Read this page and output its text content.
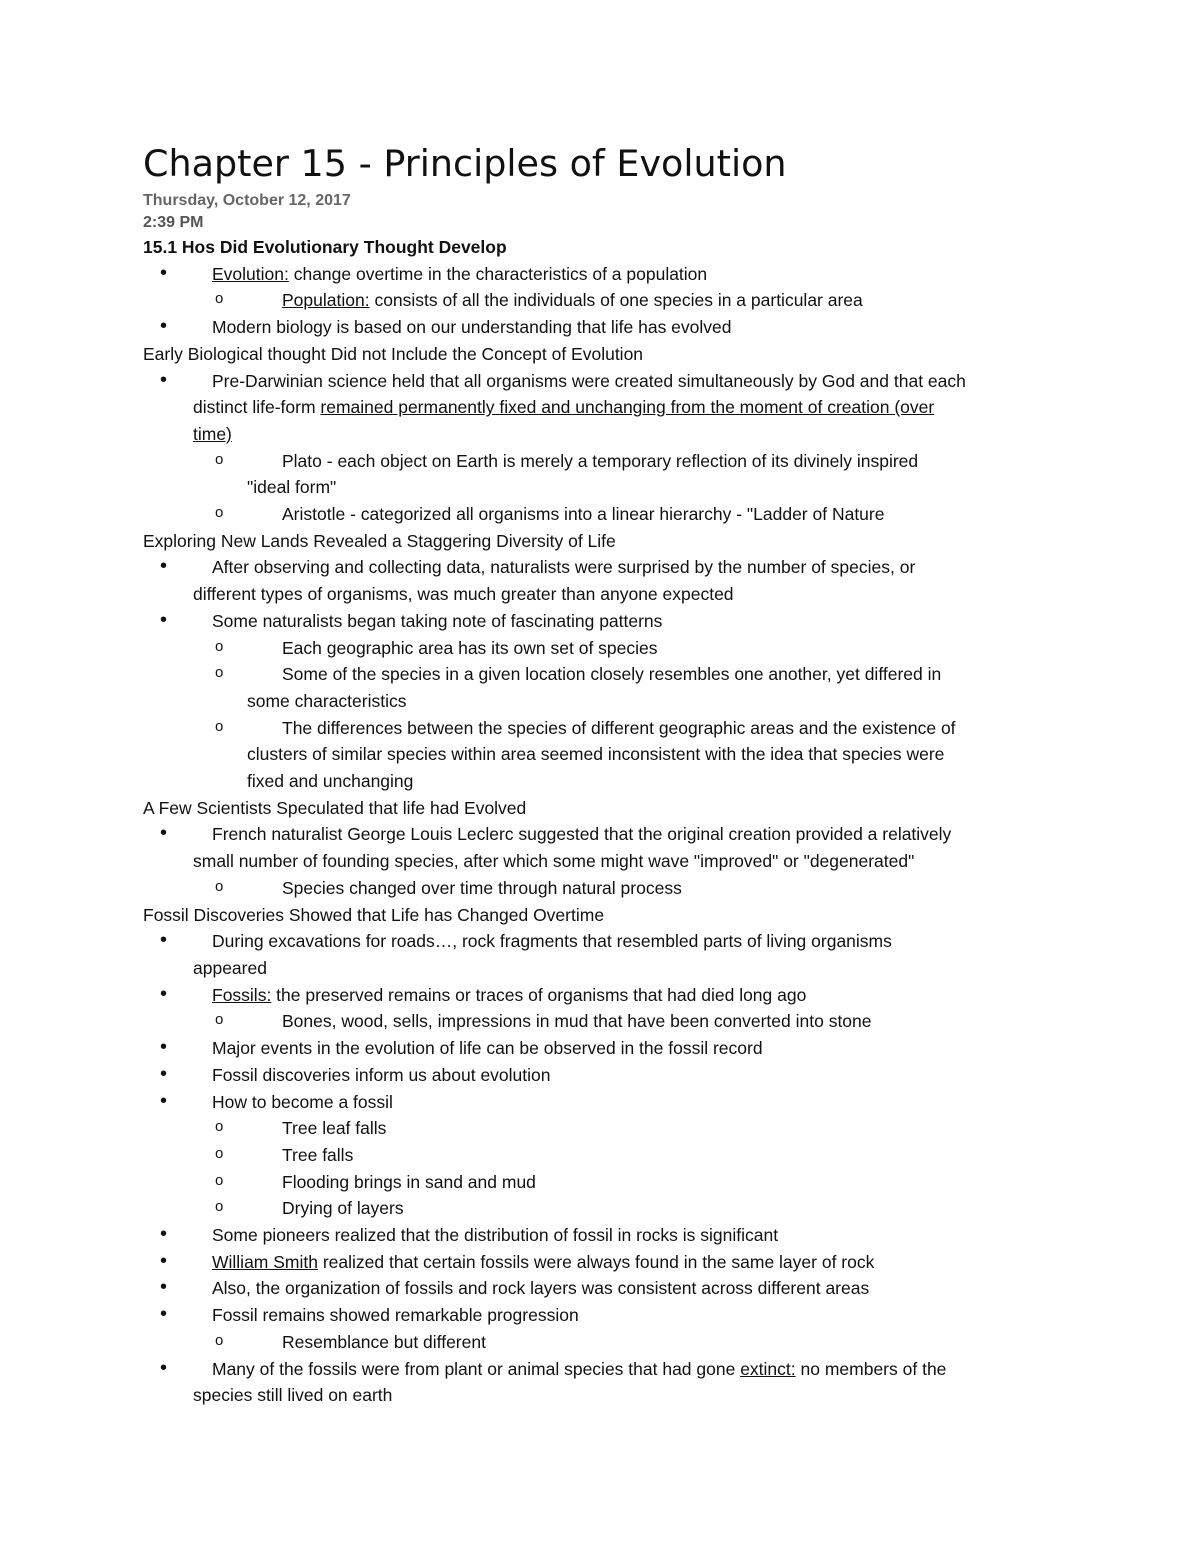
Chapter 15 - Principles of Evolution
Thursday, October 12, 2017
2:39 PM
15.1 Hos Did Evolutionary Thought Develop
•	Evolution: change overtime in the characteristics of a population
o	Population: consists of all the individuals of one species in a particular area
•	Modern biology is based on our understanding that life has evolved
Early Biological thought Did not Include the Concept of Evolution
•	Pre-Darwinian science held that all organisms were created simultaneously by God and that each
distinct life-form remained permanently fixed and unchanging from the moment of creation (over
time)
o	Plato - each object on Earth is merely a temporary reflection of its divinely inspired
"ideal form"
o	Aristotle - categorized all organisms into a linear hierarchy - "Ladder of Nature
Exploring New Lands Revealed a Staggering Diversity of Life
•	After observing and collecting data, naturalists were surprised by the number of species, or
different types of organisms, was much greater than anyone expected
•	Some naturalists began taking note of fascinating patterns
o	Each geographic area has its own set of species
o	Some of the species in a given location closely resembles one another, yet differed in
some characteristics
o	The differences between the species of different geographic areas and the existence of
clusters of similar species within area seemed inconsistent with the idea that species were
fixed and unchanging
A Few Scientists Speculated that life had Evolved
•	French naturalist George Louis Leclerc suggested that the original creation provided a relatively
small number of founding species, after which some might wave "improved" or "degenerated"
o	Species changed over time through natural process
Fossil Discoveries Showed that Life has Changed Overtime
•	During excavations for roads…, rock fragments that resembled parts of living organisms
appeared
•	Fossils: the preserved remains or traces of organisms that had died long ago
o	Bones, wood, sells, impressions in mud that have been converted into stone
•	Major events in the evolution of life can be observed in the fossil record
•	Fossil discoveries inform us about evolution
•	How to become a fossil
o	Tree leaf falls
o	Tree falls
o	Flooding brings in sand and mud
o	Drying of layers
•	Some pioneers realized that the distribution of fossil in rocks is significant
•	William Smith realized that certain fossils were always found in the same layer of rock
•	Also, the organization of fossils and rock layers was consistent across different areas
•	Fossil remains showed remarkable progression
o	Resemblance but different
•	Many of the fossils were from plant or animal species that had gone extinct: no members of the
species still lived on earth
